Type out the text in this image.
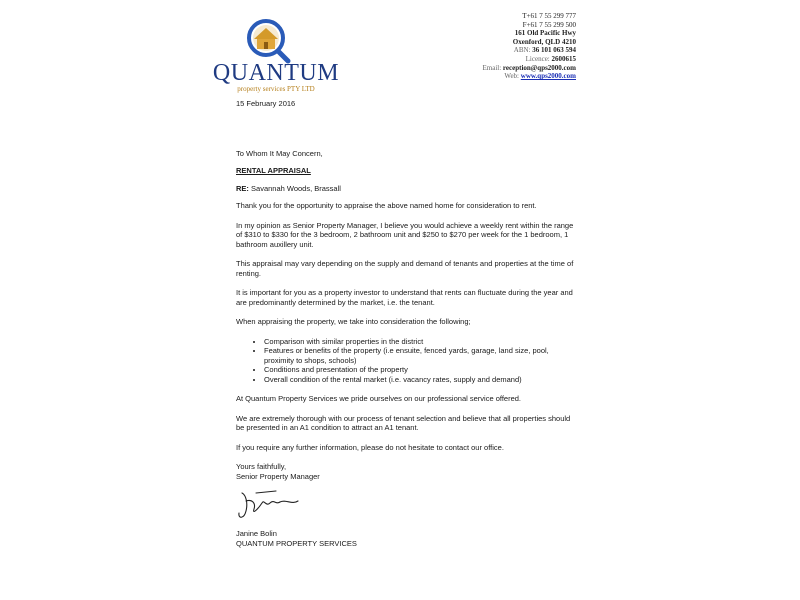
QUANTUM
property services PTY LTD
T+61 7 55 299 777
F+61 7 55 299 500
161 Old Pacific Hwy
Oxenford, QLD 4210
ABN: 36 101 063 594
Licence: 2600615
Email: reception@qps2000.com
Web: www.qps2000.com

15 February 2016

To Whom It May Concern,

RENTAL APPRAISAL

RE: Savannah Woods, Brassall

Thank you for the opportunity to appraise the above named home for consideration to rent.

In my opinion as Senior Property Manager, I believe you would achieve a weekly rent within the range of $310 to $330 for the 3 bedroom, 2 bathroom unit and $250 to $270 per week for the 1 bedroom, 1 bathroom auxillery unit.

This appraisal may vary depending on the supply and demand of tenants and properties at the time of renting.

It is important for you as a property investor to understand that rents can fluctuate during the year and are predominantly determined by the market, i.e. the tenant.

When appraising the property, we take into consideration the following;

• Comparison with similar properties in the district
• Features or benefits of the property (i.e ensuite, fenced yards, garage, land size, pool, proximity to shops, schools)
• Conditions and presentation of the property
• Overall condition of the rental market (i.e. vacancy rates, supply and demand)

At Quantum Property Services we pride ourselves on our professional service offered.

We are extremely thorough with our process of tenant selection and believe that all properties should be presented in an A1 condition to attract an A1 tenant.

If you require any further information, please do not hesitate to contact our office.

Yours faithfully,

Senior Property Manager

Janine Bolin

QUANTUM PROPERTY SERVICES
